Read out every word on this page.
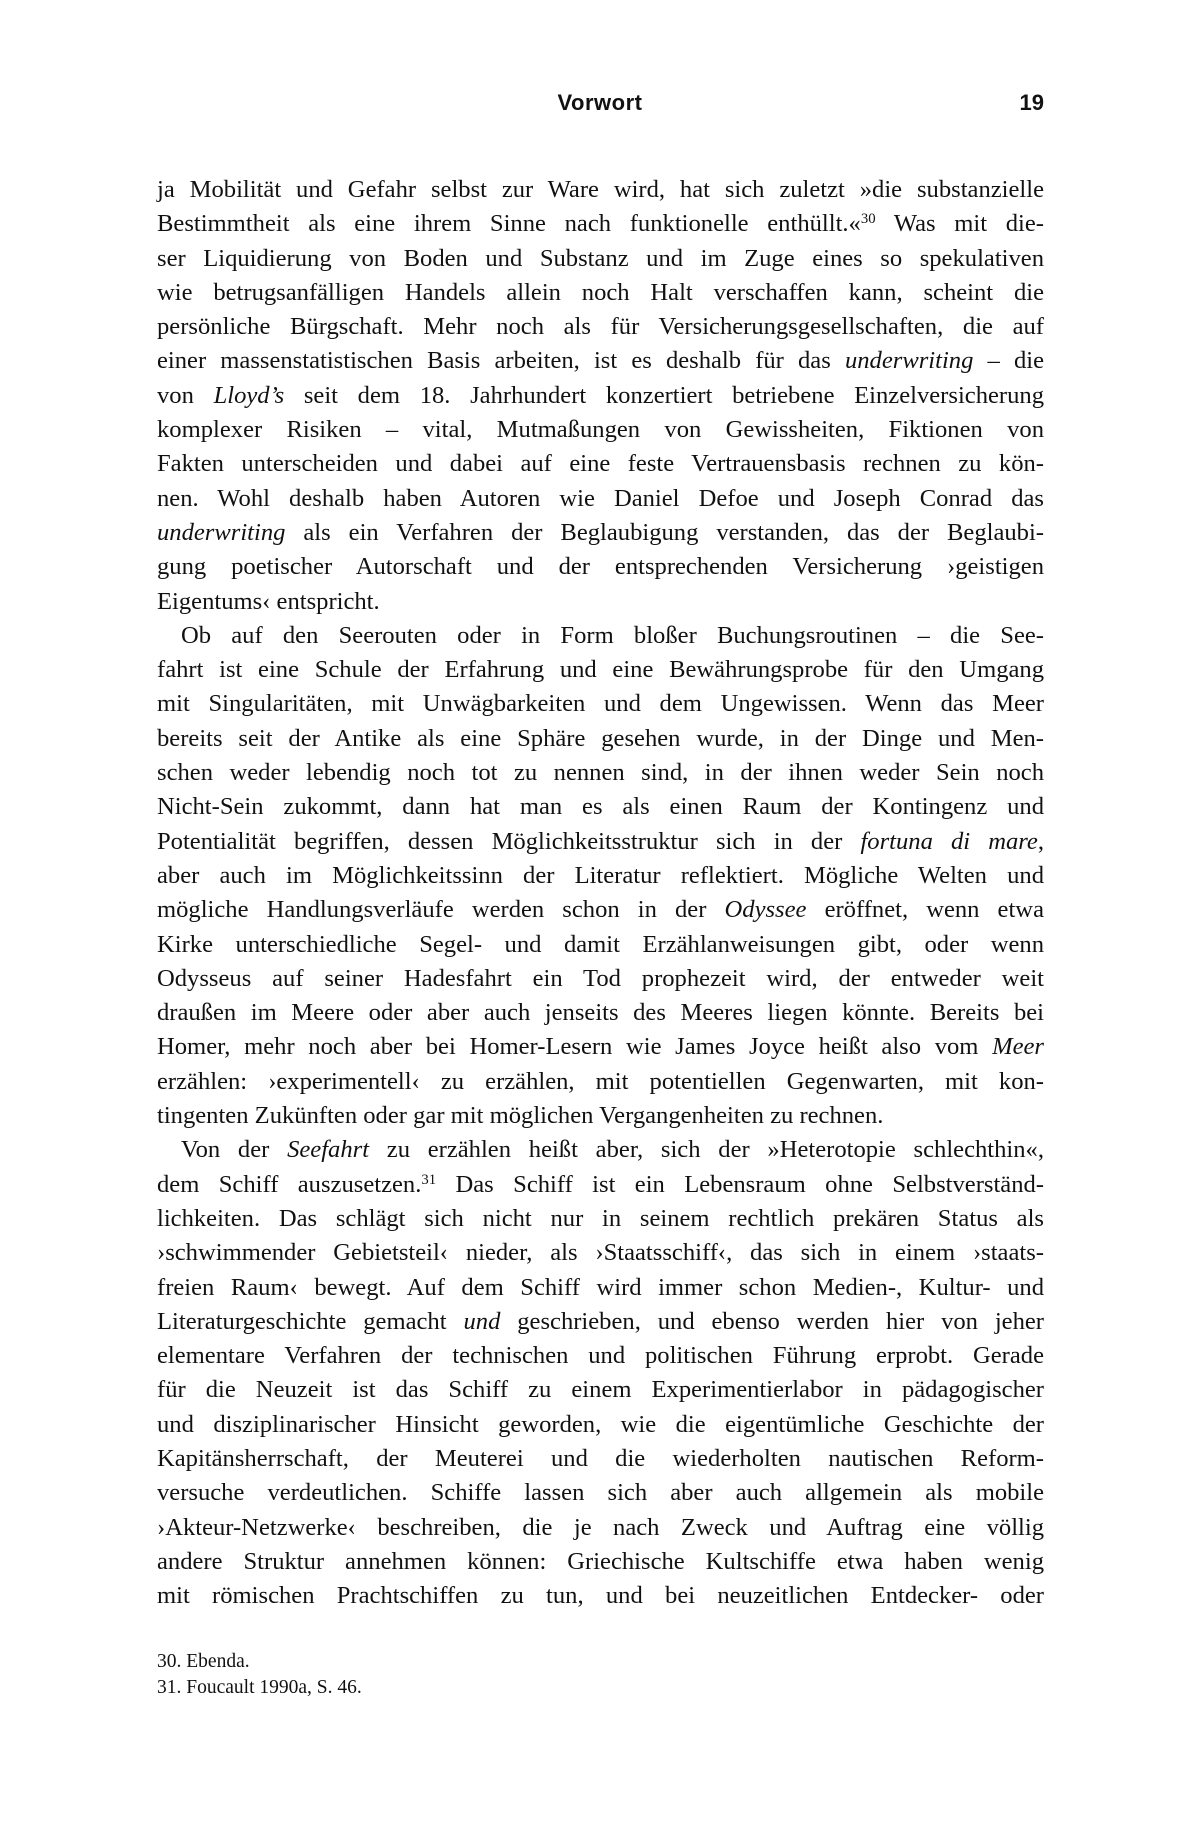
Vorwort	19
ja Mobilität und Gefahr selbst zur Ware wird, hat sich zuletzt »die substanzielle
Bestimmtheit als eine ihrem Sinne nach funktionelle enthüllt.«$^{30}$ Was mit die-
ser Liquidierung von Boden und Substanz und im Zuge eines so spekulativen
wie betrugsanfälligen Handels allein noch Halt verschaffen kann, scheint die
persönliche Bürgschaft. Mehr noch als für Versicherungsgesellschaften, die auf
einer massenstatistischen Basis arbeiten, ist es deshalb für das underwriting – die
von Lloyd’s seit dem 18. Jahrhundert konzertiert betriebene Einzelversicherung
komplexer Risiken – vital, Mutmaßungen von Gewissheiten, Fiktionen von
Fakten unterscheiden und dabei auf eine feste Vertrauensbasis rechnen zu kön-
nen. Wohl deshalb haben Autoren wie Daniel Defoe und Joseph Conrad das
underwriting als ein Verfahren der Beglaubigung verstanden, das der Beglaubi-
gung poetischer Autorschaft und der entsprechenden Versicherung ›geistigen
Eigentums‹ entspricht.
Ob auf den Seerouten oder in Form bloßer Buchungsroutinen – die See-
fahrt ist eine Schule der Erfahrung und eine Bewährungsprobe für den Umgang
mit Singularitäten, mit Unwägbarkeiten und dem Ungewissen. Wenn das Meer
bereits seit der Antike als eine Sphäre gesehen wurde, in der Dinge und Men-
schen weder lebendig noch tot zu nennen sind, in der ihnen weder Sein noch
Nicht-Sein zukommt, dann hat man es als einen Raum der Kontingenz und
Potentialität begriffen, dessen Möglichkeitsstruktur sich in der fortuna di mare,
aber auch im Möglichkeitssinn der Literatur reflektiert. Mögliche Welten und
mögliche Handlungsverläufe werden schon in der Odyssee eröffnet, wenn etwa
Kirke unterschiedliche Segel- und damit Erzählanweisungen gibt, oder wenn
Odysseus auf seiner Hadesfahrt ein Tod prophezeit wird, der entweder weit
draußen im Meere oder aber auch jenseits des Meeres liegen könnte. Bereits bei
Homer, mehr noch aber bei Homer-Lesern wie James Joyce heißt also vom Meer
erzählen: ›experimentell‹ zu erzählen, mit potentiellen Gegenwarten, mit kon-
tingenten Zukünften oder gar mit möglichen Vergangenheiten zu rechnen.
Von der Seefahrt zu erzählen heißt aber, sich der »Heterotopie schlechthin«,
dem Schiff auszusetzen.$^{31}$ Das Schiff ist ein Lebensraum ohne Selbstverständ-
lichkeiten. Das schlägt sich nicht nur in seinem rechtlich prekären Status als
›schwimmender Gebietsteil‹ nieder, als ›Staatsschiff‹, das sich in einem ›staats-
freien Raum‹ bewegt. Auf dem Schiff wird immer schon Medien-, Kultur- und
Literaturgeschichte gemacht und geschrieben, und ebenso werden hier von jeher
elementare Verfahren der technischen und politischen Führung erprobt. Gerade
für die Neuzeit ist das Schiff zu einem Experimentierlabor in pädagogischer
und disziplinarischer Hinsicht geworden, wie die eigentümliche Geschichte der
Kapitänsherrschaft, der Meuterei und die wiederholten nautischen Reform-
versuche verdeutlichen. Schiffe lassen sich aber auch allgemein als mobile
›Akteur-Netzwerke‹ beschreiben, die je nach Zweck und Auftrag eine völlig
andere Struktur annehmen können: Griechische Kultschiffe etwa haben wenig
mit römischen Prachtschiffen zu tun, und bei neuzeitlichen Entdecker- oder
30. Ebenda.
31. Foucault 1990a, S. 46.
